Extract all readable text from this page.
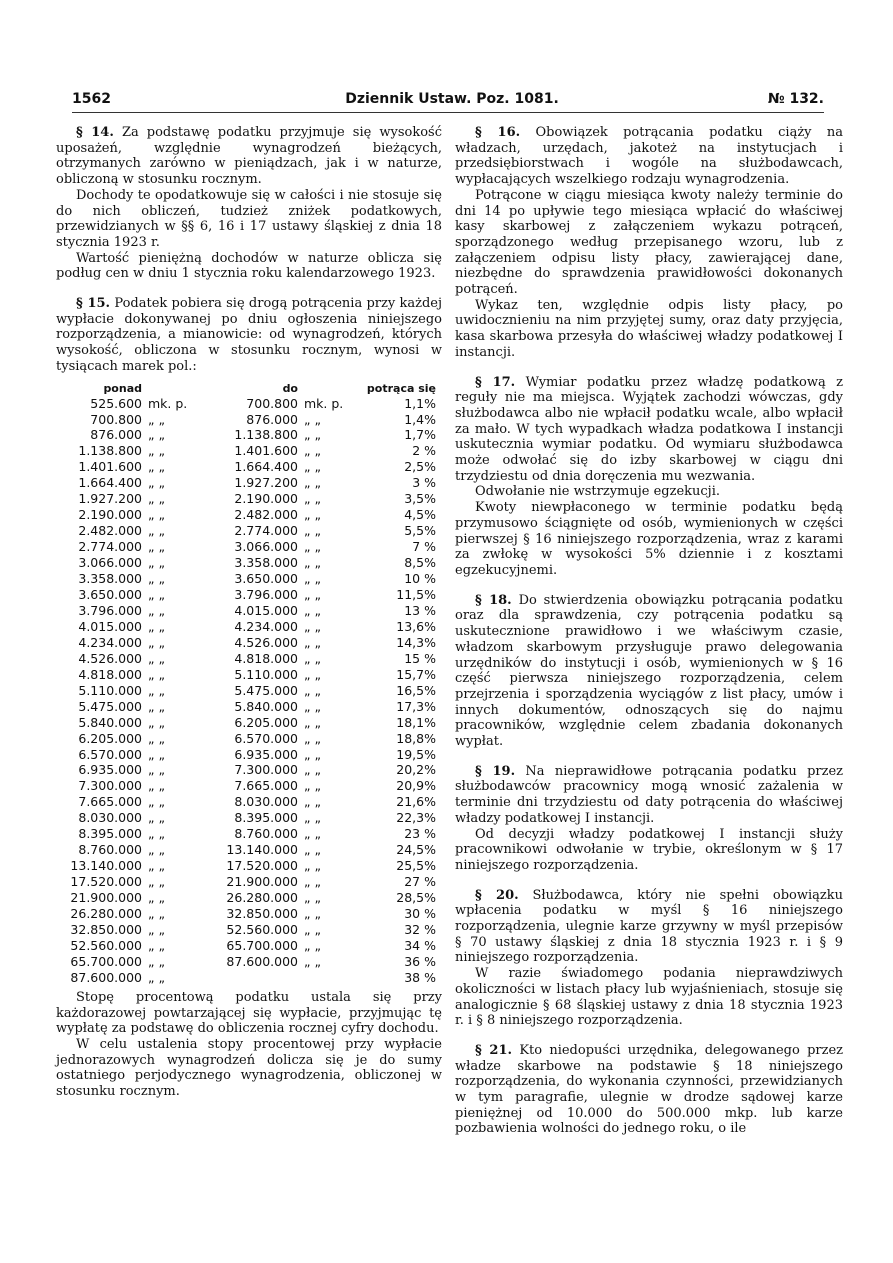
1562	Dziennik Ustaw. Poz. 1081.	№ 132.

§ 14. Za podstawę podatku przyjmuje się wysokość uposażeń, względnie wynagrodzeń bieżących, otrzymanych zarówno w pieniądzach, jak i w naturze, obliczoną w stosunku rocznym.

Dochody te opodatkowuje się w całości i nie stosuje się do nich obliczeń, tudzież zniżek podatkowych, przewidzianych w §§ 6, 16 i 17 ustawy śląskiej z dnia 18 stycznia 1923 r.

Wartość pieniężną dochodów w naturze oblicza się podług cen w dniu 1 stycznia roku kalendarzowego 1923.

§ 15. Podatek pobiera się drogą potrącenia przy każdej wypłacie dokonywanej po dniu ogłoszenia niniejszego rozporządzenia, a mianowicie: od wynagrodzeń, których wysokość, obliczona w stosunku rocznym, wynosi w tysiącach marek pol.:

ponad		do		potrąca się
525.600	mk. p.	700.800	mk. p.	1,1%
700.800	„ „	876.000	„ „	1,4%
876.000	„ „	1.138.800	„ „	1,7%
1.138.800	„ „	1.401.600	„ „	2 %
1.401.600	„ „	1.664.400	„ „	2,5%
1.664.400	„ „	1.927.200	„ „	3 %
1.927.200	„ „	2.190.000	„ „	3,5%
2.190.000	„ „	2.482.000	„ „	4,5%
2.482.000	„ „	2.774.000	„ „	5,5%
2.774.000	„ „	3.066.000	„ „	7 %
3.066.000	„ „	3.358.000	„ „	8,5%
3.358.000	„ „	3.650.000	„ „	10 %
3.650.000	„ „	3.796.000	„ „	11,5%
3.796.000	„ „	4.015.000	„ „	13 %
4.015.000	„ „	4.234.000	„ „	13,6%
4.234.000	„ „	4.526.000	„ „	14,3%
4.526.000	„ „	4.818.000	„ „	15 %
4.818.000	„ „	5.110.000	„ „	15,7%
5.110.000	„ „	5.475.000	„ „	16,5%
5.475.000	„ „	5.840.000	„ „	17,3%
5.840.000	„ „	6.205.000	„ „	18,1%
6.205.000	„ „	6.570.000	„ „	18,8%
6.570.000	„ „	6.935.000	„ „	19,5%
6.935.000	„ „	7.300.000	„ „	20,2%
7.300.000	„ „	7.665.000	„ „	20,9%
7.665.000	„ „	8.030.000	„ „	21,6%
8.030.000	„ „	8.395.000	„ „	22,3%
8.395.000	„ „	8.760.000	„ „	23 %
8.760.000	„ „	13.140.000	„ „	24,5%
13.140.000	„ „	17.520.000	„ „	25,5%
17.520.000	„ „	21.900.000	„ „	27 %
21.900.000	„ „	26.280.000	„ „	28,5%
26.280.000	„ „	32.850.000	„ „	30 %
32.850.000	„ „	52.560.000	„ „	32 %
52.560.000	„ „	65.700.000	„ „	34 %
65.700.000	„ „	87.600.000	„ „	36 %
87.600.000	„ „			38 %

Stopę procentową podatku ustala się przy każdorazowej powtarzającej się wypłacie, przyjmując tę wypłatę za podstawę do obliczenia rocznej cyfry dochodu.

W celu ustalenia stopy procentowej przy wypłacie jednorazowych wynagrodzeń dolicza się je do sumy ostatniego perjodycznego wynagrodzenia, obliczonej w stosunku rocznym.

§ 16. Obowiązek potrącania podatku ciąży na władzach, urzędach, jakoteż na instytucjach i przedsiębiorstwach i wogóle na służbodawcach, wypłacających wszelkiego rodzaju wynagrodzenia.

Potrącone w ciągu miesiąca kwoty należy terminie do dni 14 po upływie tego miesiąca wpłacić do właściwej kasy skarbowej z załączeniem wykazu potrąceń, sporządzonego według przepisanego wzoru, lub z załączeniem odpisu listy płacy, zawierającej dane, niezbędne do sprawdzenia prawidłowości dokonanych potrąceń.

Wykaz ten, względnie odpis listy płacy, po uwidocznieniu na nim przyjętej sumy, oraz daty przyjęcia, kasa skarbowa przesyła do właściwej władzy podatkowej I instancji.

§ 17. Wymiar podatku przez władzę podatkową z reguły nie ma miejsca. Wyjątek zachodzi wówczas, gdy służbodawca albo nie wpłacił podatku wcale, albo wpłacił za mało. W tych wypadkach władza podatkowa I instancji uskutecznia wymiar podatku. Od wymiaru służbodawca może odwołać się do izby skarbowej w ciągu dni trzydziestu od dnia doręczenia mu wezwania.

Odwołanie nie wstrzymuje egzekucji.

Kwoty niewpłaconego w terminie podatku będą przymusowo ściągnięte od osób, wymienionych w części pierwszej § 16 niniejszego rozporządzenia, wraz z karami za zwłokę w wysokości 5% dziennie i z kosztami egzekucyjnemi.

§ 18. Do stwierdzenia obowiązku potrącania podatku oraz dla sprawdzenia, czy potrącenia podatku są uskutecznione prawidłowo i we właściwym czasie, władzom skarbowym przysługuje prawo delegowania urzędników do instytucji i osób, wymienionych w § 16 część pierwsza niniejszego rozporządzenia, celem przejrzenia i sporządzenia wyciągów z list płacy, umów i innych dokumentów, odnoszących się do najmu pracowników, względnie celem zbadania dokonanych wypłat.

§ 19. Na nieprawidłowe potrącania podatku przez służbodawców pracownicy mogą wnosić zażalenia w terminie dni trzydziestu od daty potrącenia do właściwej władzy podatkowej I instancji.

Od decyzji władzy podatkowej I instancji służy pracownikowi odwołanie w trybie, określonym w § 17 niniejszego rozporządzenia.

§ 20. Służbodawca, który nie spełni obowiązku wpłacenia podatku w myśl § 16 niniejszego rozporządzenia, ulegnie karze grzywny w myśl przepisów § 70 ustawy śląskiej z dnia 18 stycznia 1923 r. i § 9 niniejszego rozporządzenia.

W razie świadomego podania nieprawdziwych okoliczności w listach płacy lub wyjaśnieniach, stosuje się analogicznie § 68 śląskiej ustawy z dnia 18 stycznia 1923 r. i § 8 niniejszego rozporządzenia.

§ 21. Kto niedopuści urzędnika, delegowanego przez władze skarbowe na podstawie § 18 niniejszego rozporządzenia, do wykonania czynności, przewidzianych w tym paragrafie, ulegnie w drodze sądowej karze pieniężnej od 10.000 do 500.000 mkp. lub karze pozbawienia wolności do jednego roku, o ile
